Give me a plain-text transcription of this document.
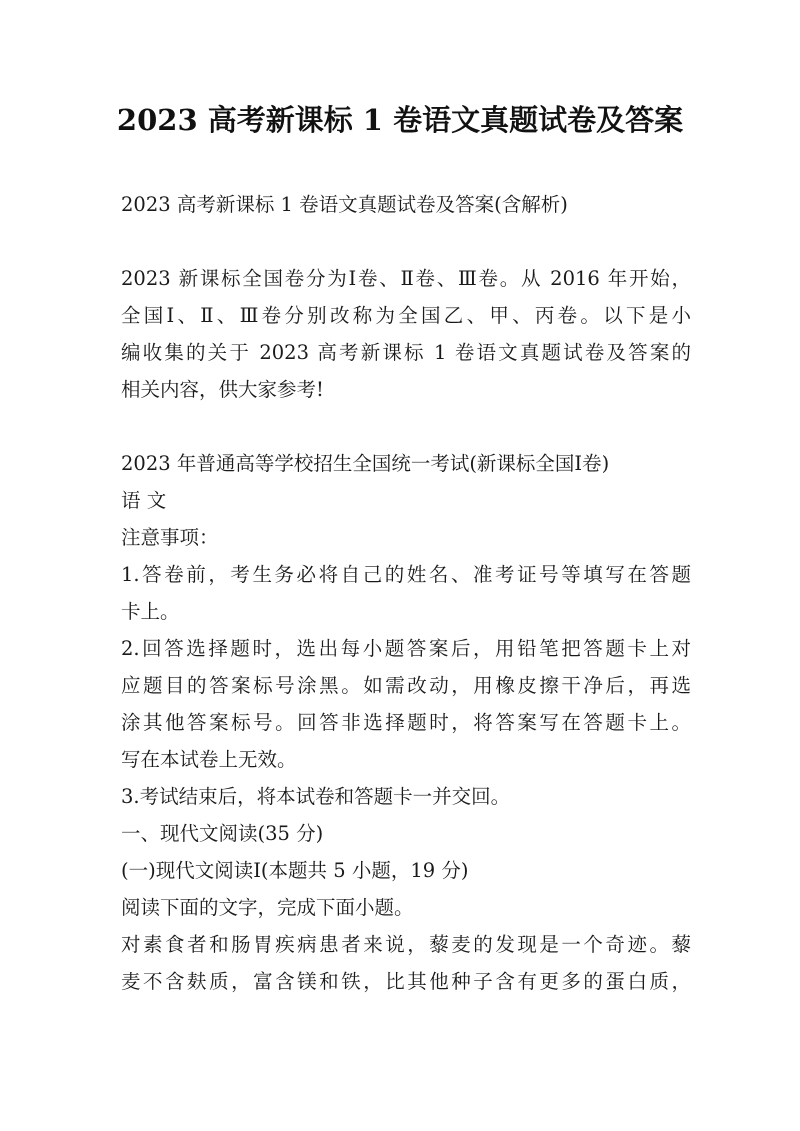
2023 高考新课标 1 卷语文真题试卷及答案

2023 高考新课标 1 卷语文真题试卷及答案(含解析)

2023 新课标全国卷分为Ⅰ卷、Ⅱ卷、Ⅲ卷。从 2016 年开始，

全国Ⅰ、Ⅱ、Ⅲ卷分别改称为全国乙、甲、丙卷。以下是小

编收集的关于 2023 高考新课标 1 卷语文真题试卷及答案的

相关内容，供大家参考!

2023 年普通高等学校招生全国统一考试(新课标全国Ⅰ卷)

语 文

注意事项：

1.答卷前，考生务必将自己的姓名、准考证号等填写在答题

卡上。

2.回答选择题时，选出每小题答案后，用铅笔把答题卡上对

应题目的答案标号涂黑。如需改动，用橡皮擦干净后，再选

涂其他答案标号。回答非选择题时，将答案写在答题卡上。

写在本试卷上无效。

3.考试结束后，将本试卷和答题卡一并交回。

一、现代文阅读(35 分)

(一)现代文阅读Ⅰ(本题共 5 小题，19 分)

阅读下面的文字，完成下面小题。

对素食者和肠胃疾病患者来说，藜麦的发现是一个奇迹。藜

麦不含麸质，富含镁和铁，比其他种子含有更多的蛋白质，
